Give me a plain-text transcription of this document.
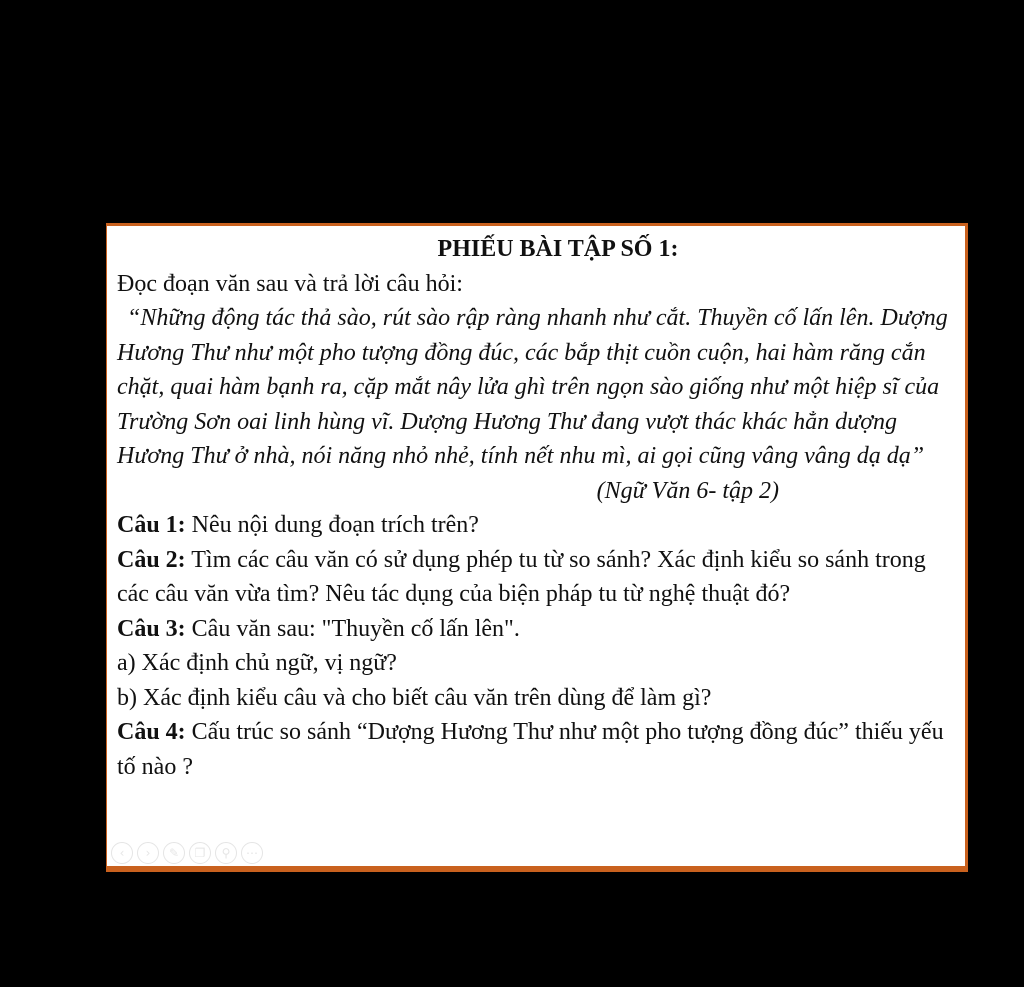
PHIẾU BÀI TẬP SỐ 1:

Đọc đoạn văn sau và trả lời câu hỏi:

“Những động tác thả sào, rút sào rập ràng nhanh như cắt. Thuyền cố lấn lên. Dượng Hương Thư như một pho tượng đồng đúc, các bắp thịt cuồn cuộn, hai hàm răng cắn chặt, quai hàm bạnh ra, cặp mắt nây lửa ghì trên ngọn sào giống như một hiệp sĩ của Trường Sơn oai linh hùng vĩ. Dượng Hương Thư đang vượt thác khác hẳn dượng Hương Thư ở nhà, nói năng nhỏ nhẻ, tính nết nhu mì, ai gọi cũng vâng vâng dạ dạ”

(Ngữ Văn 6- tập 2)

Câu 1: Nêu nội dung đoạn trích trên?

Câu 2: Tìm các câu văn có sử dụng phép tu từ so sánh? Xác định kiểu so sánh trong các câu văn vừa tìm? Nêu tác dụng của biện pháp tu từ nghệ thuật đó?

Câu 3: Câu văn sau: "Thuyền cố lấn lên".

a) Xác định chủ ngữ, vị ngữ?

b) Xác định kiểu câu và cho biết câu văn trên dùng để làm gì?

Câu 4: Cấu trúc so sánh “Dượng Hương Thư như một pho tượng đồng đúc” thiếu yếu tố nào ?

‹	›	✎	❐	⚲	⋯
